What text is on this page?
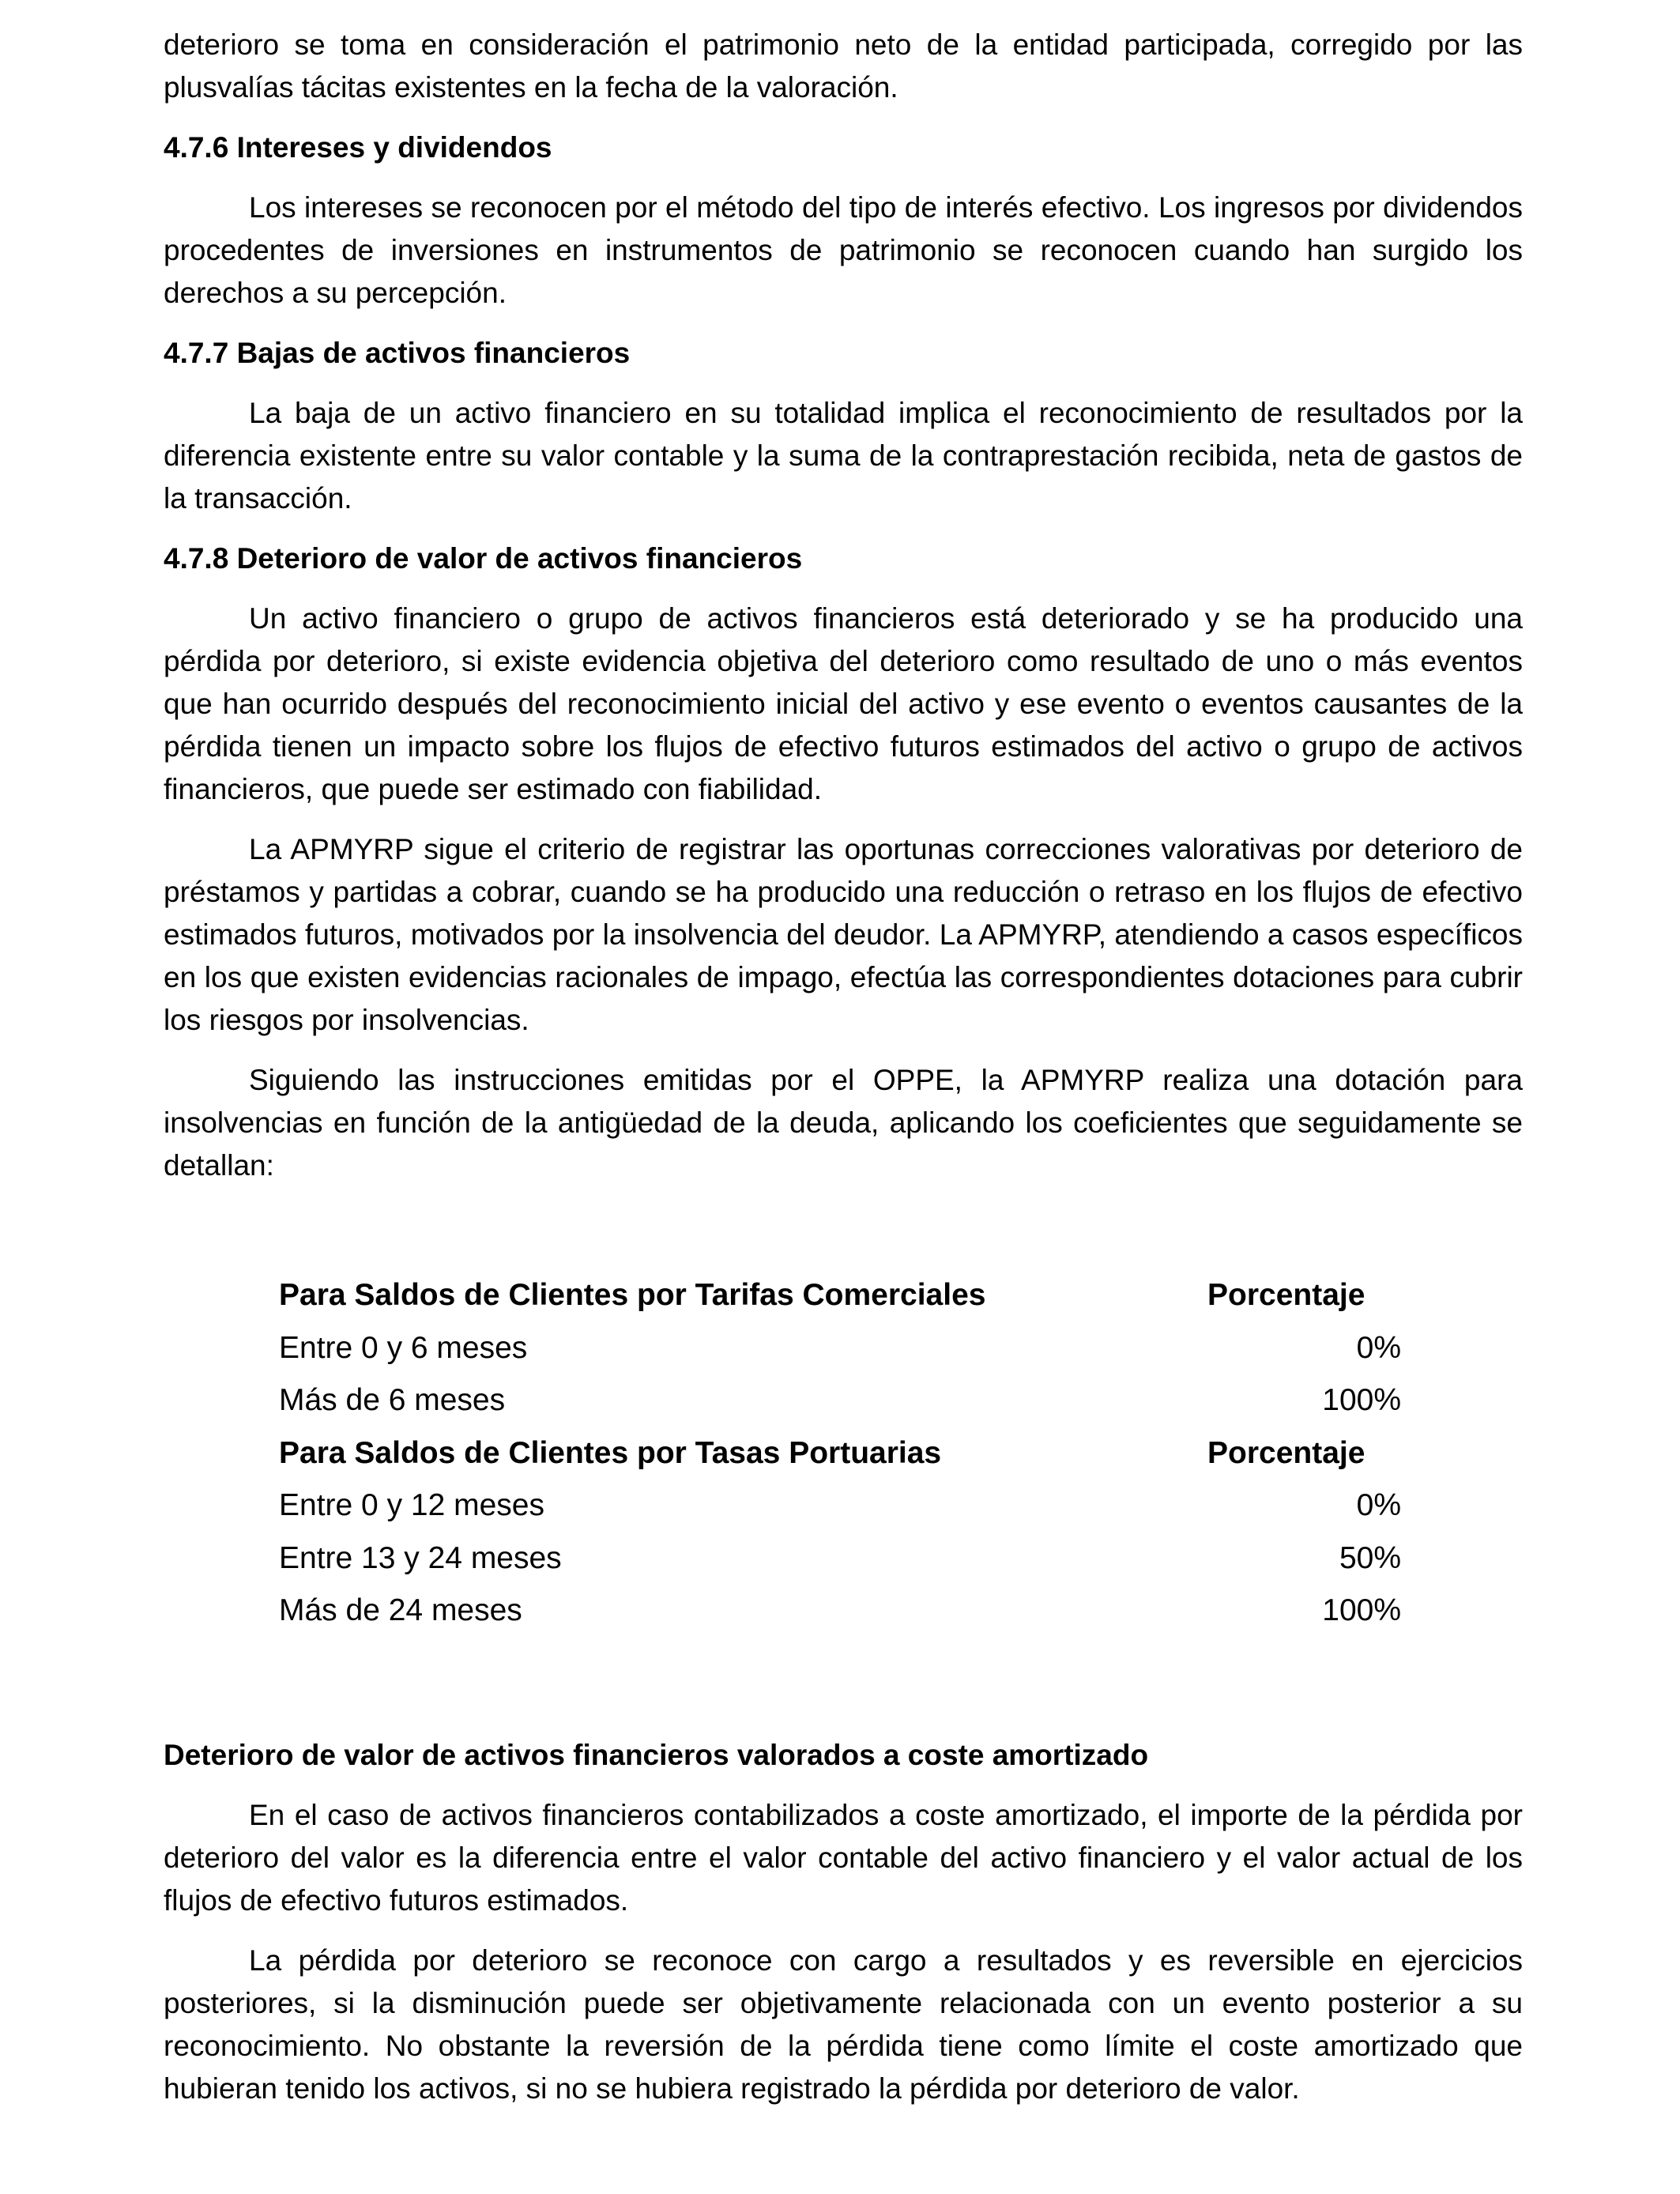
deterioro se toma en consideración el patrimonio neto de la entidad participada, corregido por las plusvalías tácitas existentes en la fecha de la valoración.

4.7.6 Intereses y dividendos

Los intereses se reconocen por el método del tipo de interés efectivo. Los ingresos por dividendos procedentes de inversiones en instrumentos de patrimonio se reconocen cuando han surgido los derechos a su percepción.

4.7.7 Bajas de activos financieros

La baja de un activo financiero en su totalidad implica el reconocimiento de resultados por la diferencia existente entre su valor contable y la suma de la contraprestación recibida, neta de gastos de la transacción.

4.7.8 Deterioro de valor de activos financieros

Un activo financiero o grupo de activos financieros está deteriorado y se ha producido una pérdida por deterioro, si existe evidencia objetiva del deterioro como resultado de uno o más eventos que han ocurrido después del reconocimiento inicial del activo y ese evento o eventos causantes de la pérdida tienen un impacto sobre los flujos de efectivo futuros estimados del activo o grupo de activos financieros, que puede ser estimado con fiabilidad.

La APMYRP sigue el criterio de registrar las oportunas correcciones valorativas por deterioro de préstamos y partidas a cobrar, cuando se ha producido una reducción o retraso en los flujos de efectivo estimados futuros, motivados por la insolvencia del deudor. La APMYRP, atendiendo a casos específicos en los que existen evidencias racionales de impago, efectúa las correspondientes dotaciones para cubrir los riesgos por insolvencias.

Siguiendo las instrucciones emitidas por el OPPE, la APMYRP realiza una dotación para insolvencias en función de la antigüedad de la deuda, aplicando los coeficientes que seguidamente se detallan:

Para Saldos de Clientes por Tarifas Comerciales	Porcentaje
Entre 0 y 6 meses	0%
Más de 6 meses	100%
Para Saldos de Clientes por Tasas Portuarias	Porcentaje
Entre 0 y 12 meses	0%
Entre 13 y 24 meses	50%
Más de 24 meses	100%
Deterioro de valor de activos financieros valorados a coste amortizado

En el caso de activos financieros contabilizados a coste amortizado, el importe de la pérdida por deterioro del valor es la diferencia entre el valor contable del activo financiero y el valor actual de los flujos de efectivo futuros estimados.

La pérdida por deterioro se reconoce con cargo a resultados y es reversible en ejercicios posteriores, si la disminución puede ser objetivamente relacionada con un evento posterior a su reconocimiento. No obstante la reversión de la pérdida tiene como límite el coste amortizado que hubieran tenido los activos, si no se hubiera registrado la pérdida por deterioro de valor.
